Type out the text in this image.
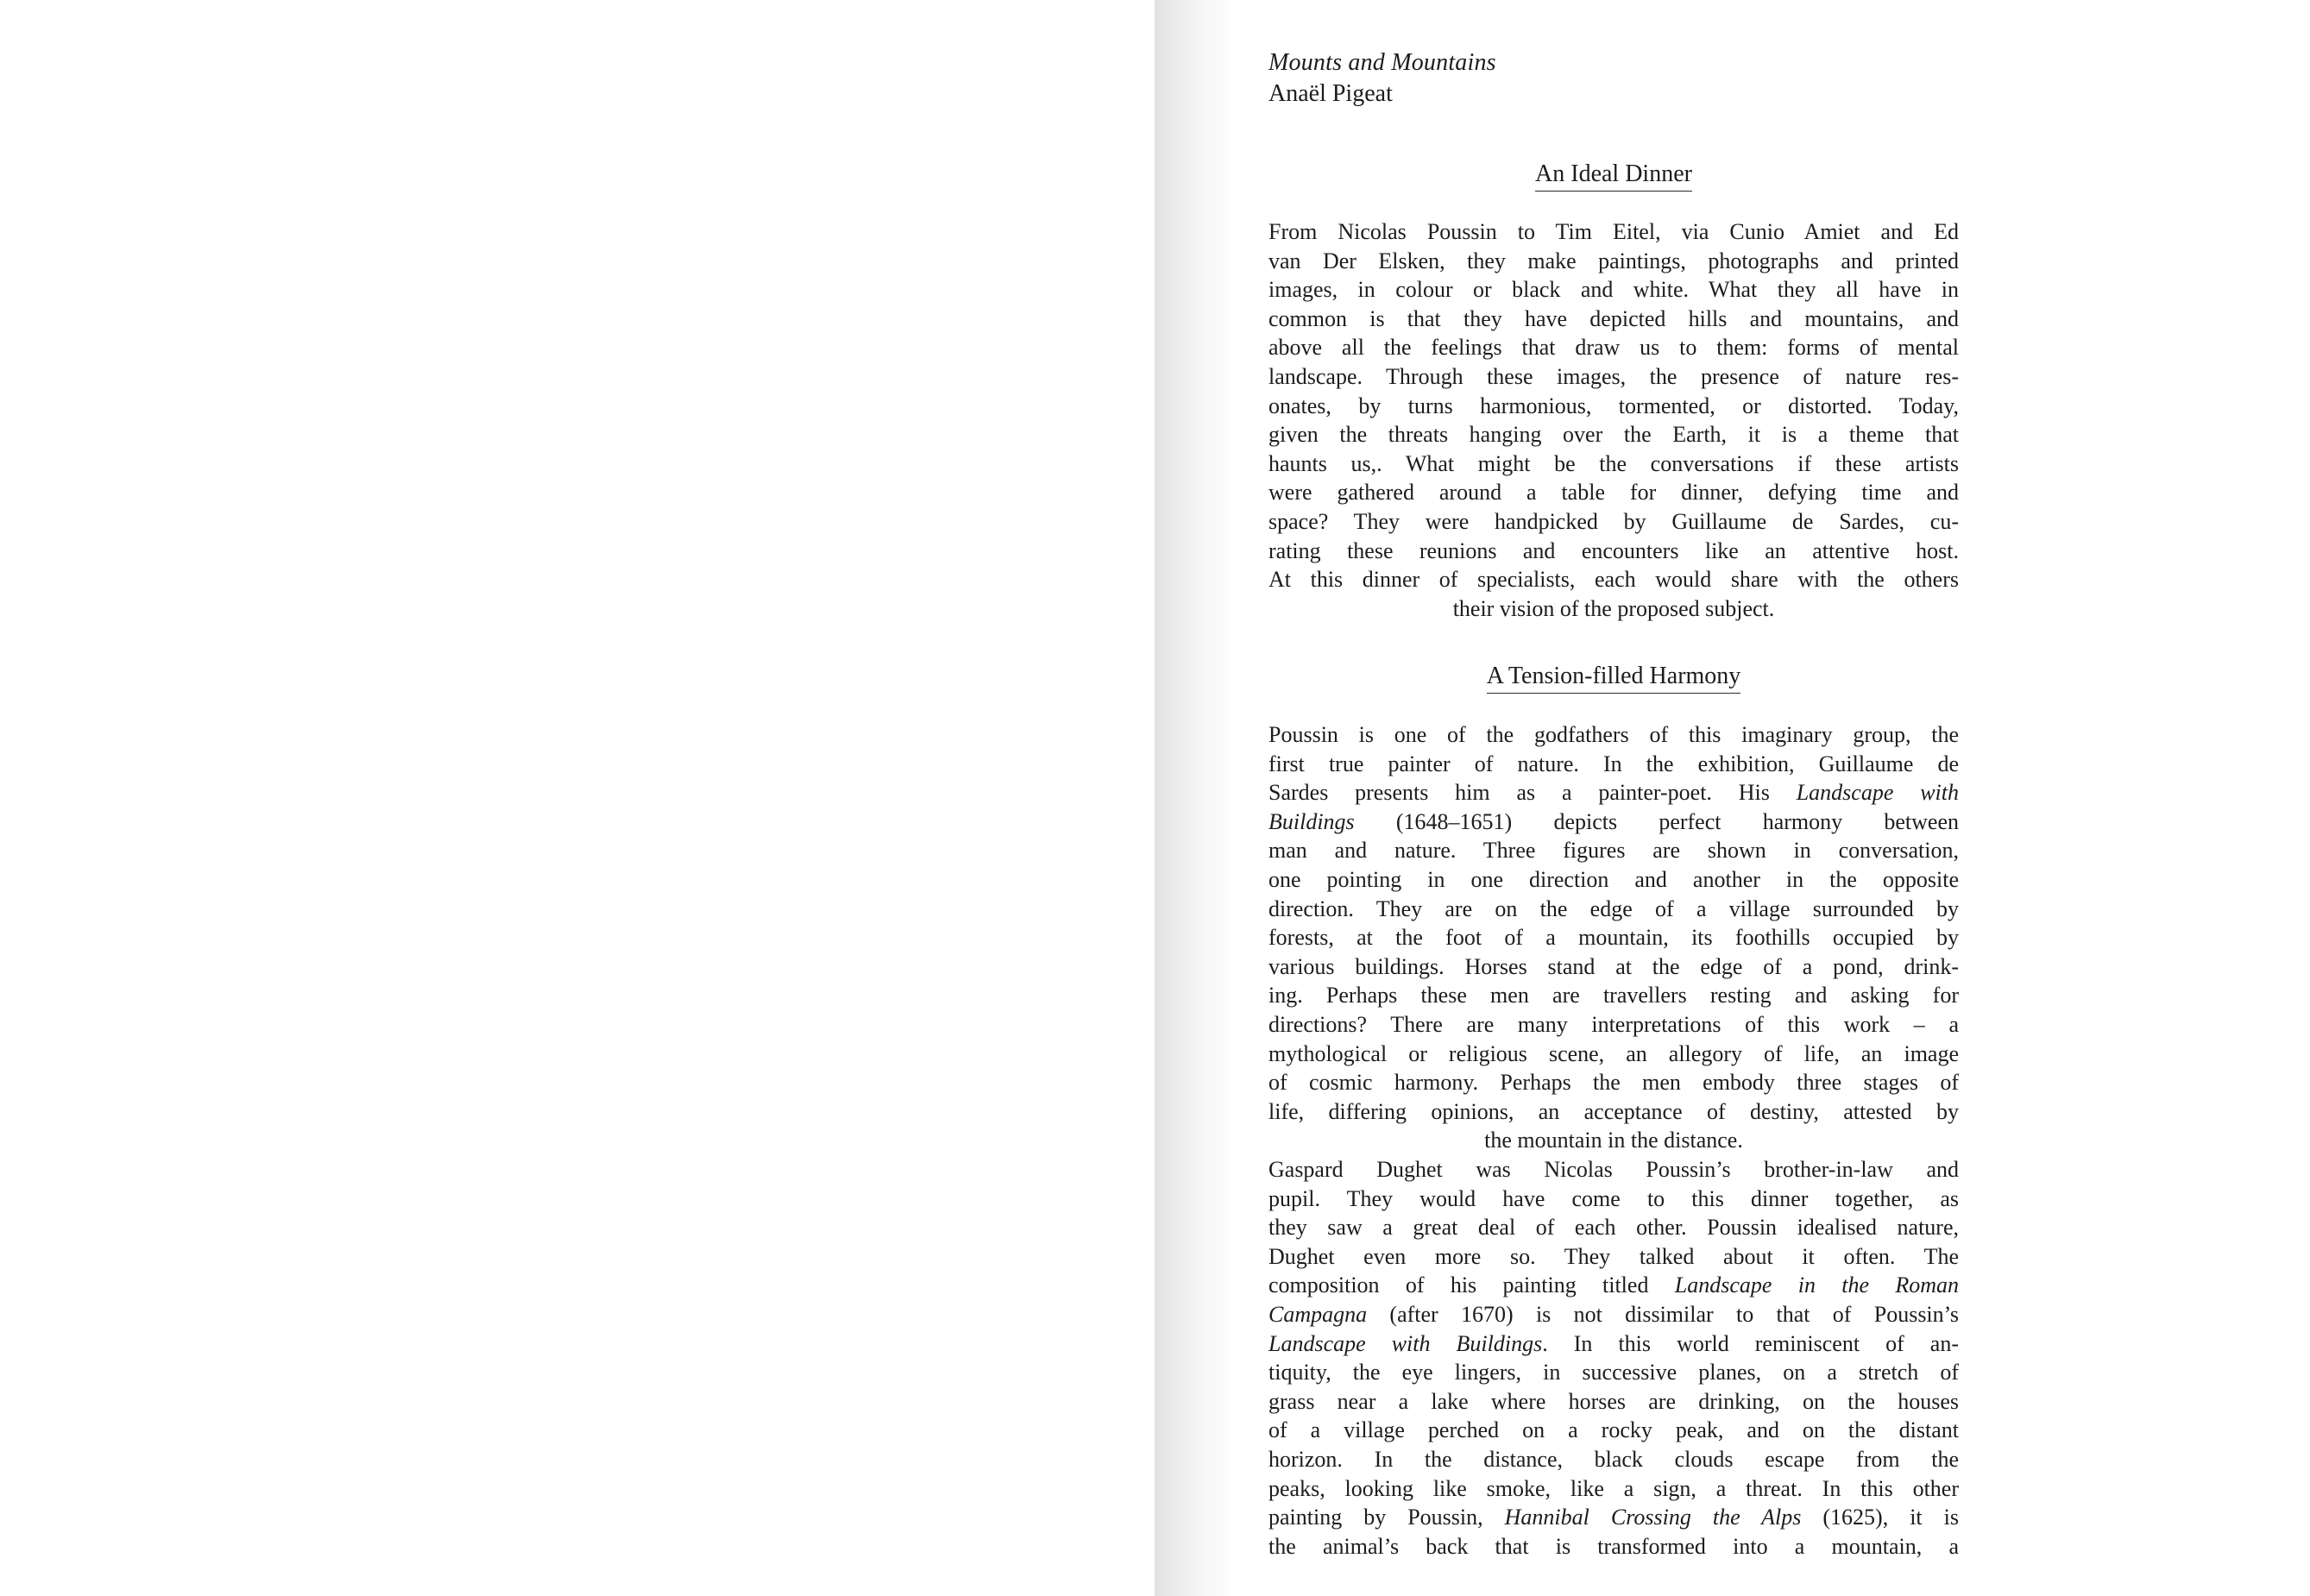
Mounts and Mountains
Anaël Pigeat
An Ideal Dinner
From Nicolas Poussin to Tim Eitel, via Cunio Amiet and Ed
van Der Elsken, they make paintings, photographs and printed
images, in colour or black and white. What they all have in
common is that they have depicted hills and mountains, and
above all the feelings that draw us to them: forms of mental
landscape. Through these images, the presence of nature res-
onates, by turns harmonious, tormented, or distorted. Today,
given the threats hanging over the Earth, it is a theme that
haunts us,. What might be the conversations if these artists
were gathered around a table for dinner, defying time and
space? They were handpicked by Guillaume de Sardes, cu-
rating these reunions and encounters like an attentive host.
At this dinner of specialists, each would share with the others
their vision of the proposed subject.
A Tension-filled Harmony
Poussin is one of the godfathers of this imaginary group, the
first true painter of nature. In the exhibition, Guillaume de
Sardes presents him as a painter-poet. His Landscape with
Buildings (1648–1651) depicts perfect harmony between
man and nature. Three figures are shown in conversation,
one pointing in one direction and another in the opposite
direction. They are on the edge of a village surrounded by
forests, at the foot of a mountain, its foothills occupied by
various buildings. Horses stand at the edge of a pond, drink-
ing. Perhaps these men are travellers resting and asking for
directions? There are many interpretations of this work – a
mythological or religious scene, an allegory of life, an image
of cosmic harmony. Perhaps the men embody three stages of
life, differing opinions, an acceptance of destiny, attested by
the mountain in the distance.
Gaspard Dughet was Nicolas Poussin’s brother-in-law and
pupil. They would have come to this dinner together, as
they saw a great deal of each other. Poussin idealised nature,
Dughet even more so. They talked about it often. The
composition of his painting titled Landscape in the Roman
Campagna (after 1670) is not dissimilar to that of Poussin’s
Landscape with Buildings. In this world reminiscent of an-
tiquity, the eye lingers, in successive planes, on a stretch of
grass near a lake where horses are drinking, on the houses
of a village perched on a rocky peak, and on the distant
horizon. In the distance, black clouds escape from the
peaks, looking like smoke, like a sign, a threat. In this other
painting by Poussin, Hannibal Crossing the Alps (1625), it is
the animal’s back that is transformed into a mountain, a
